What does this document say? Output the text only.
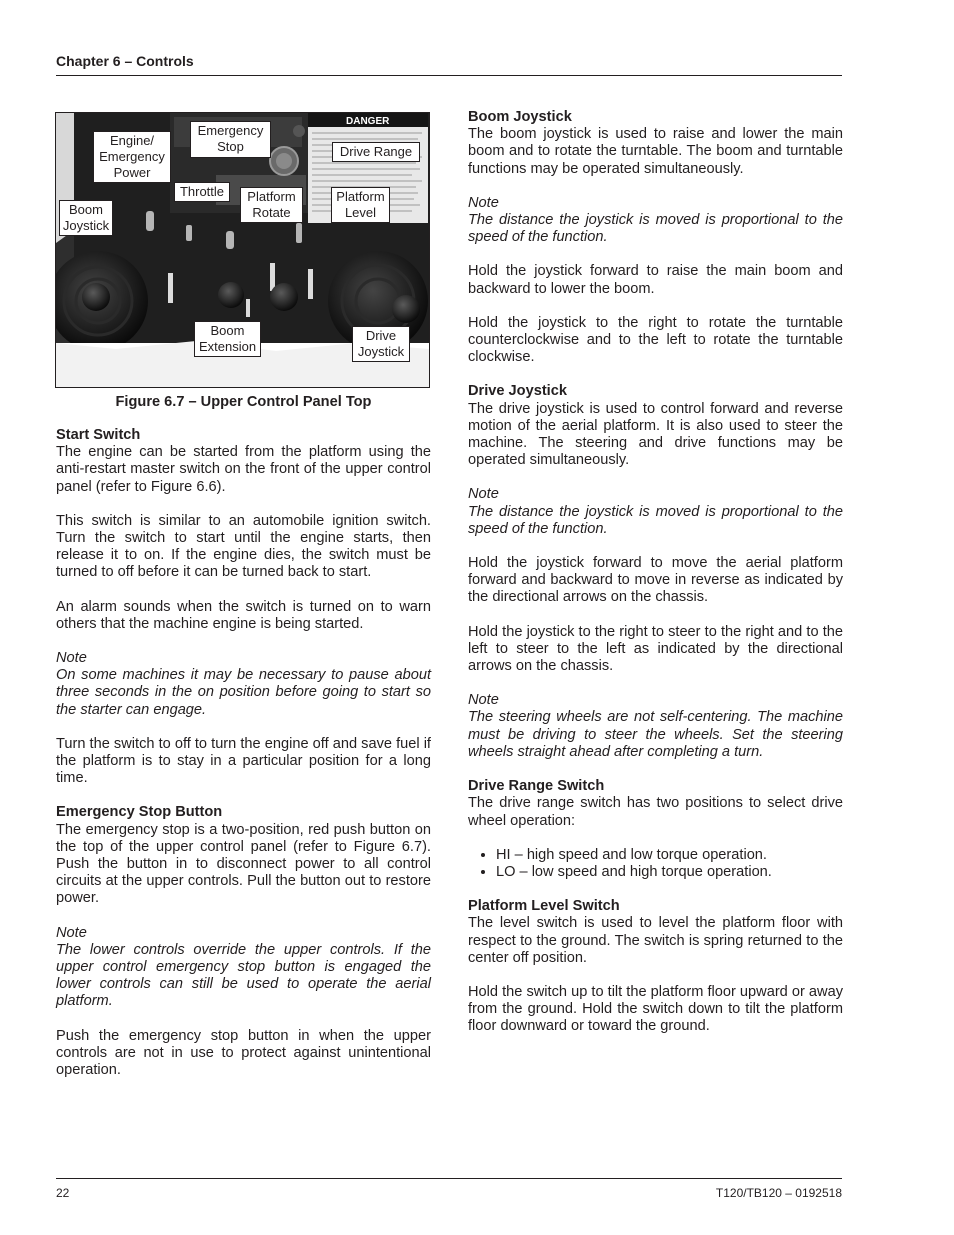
Chapter 6 – Controls
DANGER
Engine/
Emergency
Power
Emergency
Stop	Drive Range
Throttle
Boom
Joystick
Platform
Rotate
Platform
Level
Boom
Extension
Drive
Joystick
Figure 6.7 – Upper Control Panel Top
Start Switch

The engine can be started from the platform using the anti-restart master switch on the front of the upper control panel (refer to Figure 6.6).

This switch is similar to an automobile ignition switch. Turn the switch to start until the engine starts, then release it to on. If the engine dies, the switch must be turned to off before it can be turned back to start.

An alarm sounds when the switch is turned on to warn others that the machine engine is being started.

Note

On some machines it may be necessary to pause about three seconds in the on position before going to start so the starter can engage.

Turn the switch to off to turn the engine off and save fuel if the platform is to stay in a particular position for a long time.

Emergency Stop Button

The emergency stop is a two-position, red push button on the top of the upper control panel (refer to Figure 6.7). Push the button in to disconnect power to all control circuits at the upper controls. Pull the button out to restore power.

Note

The lower controls override the upper controls. If the upper control emergency stop button is engaged the lower controls can still be used to operate the aerial platform.

Push the emergency stop button in when the upper controls are not in use to protect against unintentional operation.

Boom Joystick

The boom joystick is used to raise and lower the main boom and to rotate the turntable. The boom and turntable functions may be operated simultaneously.

Note

The distance the joystick is moved is proportional to the speed of the function.

Hold the joystick forward to raise the main boom and backward to lower the boom.

Hold the joystick to the right to rotate the turntable counterclockwise and to the left to rotate the turntable clockwise.

Drive Joystick

The drive joystick is used to control forward and reverse motion of the aerial platform. It is also used to steer the machine. The steering and drive functions may be operated simultaneously.

Note

The distance the joystick is moved is proportional to the speed of the function.

Hold the joystick forward to move the aerial platform forward and backward to move in reverse as indicated by the directional arrows on the chassis.

Hold the joystick to the right to steer to the right and to the left to steer to the left as indicated by the directional arrows on the chassis.

Note

The steering wheels are not self-centering. The machine must be driving to steer the wheels. Set the steering wheels straight ahead after completing a turn.

Drive Range Switch

The drive range switch has two positions to select drive wheel operation:

• HI – high speed and low torque operation.
• LO – low speed and high torque operation.
Platform Level Switch

The level switch is used to level the platform floor with respect to the ground. The switch is spring returned to the center off position.

Hold the switch up to tilt the platform floor upward or away from the ground. Hold the switch down to tilt the platform floor downward or toward the ground.

22	T120/TB120 – 0192518
